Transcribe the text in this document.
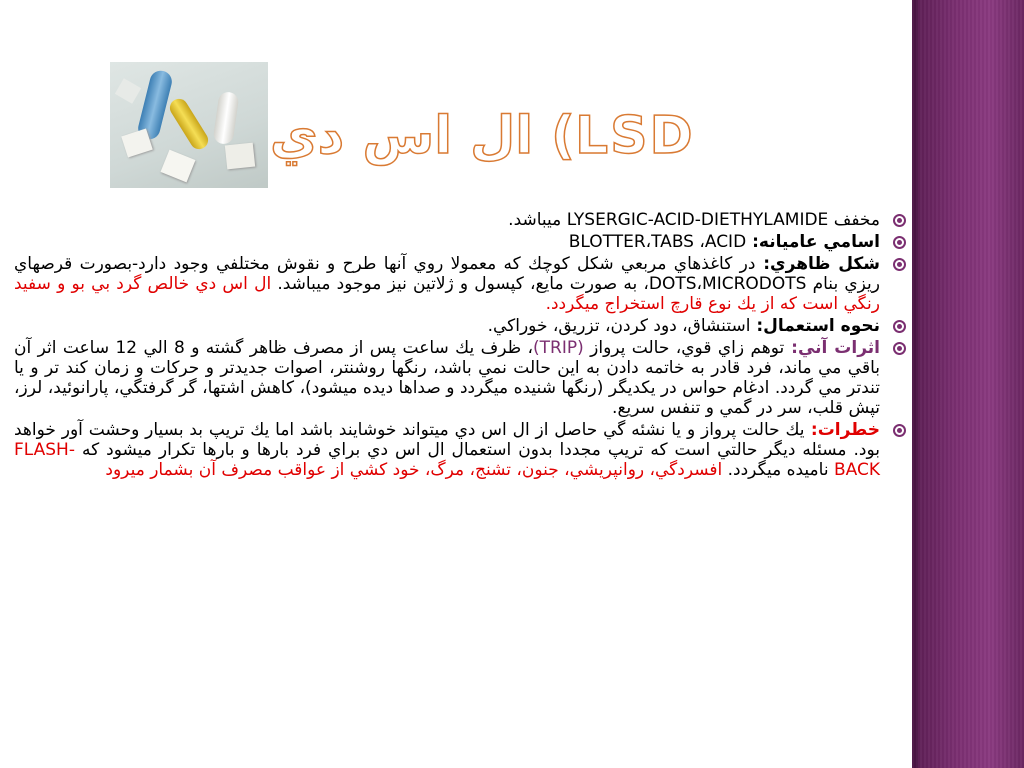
ال اس دي (LSD
مخفف LYSERGIC-ACID-DIETHYLAMIDE ميباشد.
اسامي عاميانه: BLOTTER،TABS ،ACID
شكل ظاهري: در كاغذهاي مربعي شكل كوچك كه معمولا روي آنها طرح و نقوش مختلفي وجود دارد-بصورت قرصهاي ريزي بنام DOTS،MICRODOTS، به صورت مايع، كپسول و ژلاتين نيز موجود ميباشد. ال اس دي خالص گرد بي بو و سفيد رنگي است كه از يك نوع قارچ استخراج ميگردد.
نحوه استعمال: استنشاق، دود كردن، تزريق، خوراكي.
اثرات آني: توهم زاي قوي، حالت پرواز (TRIP)، ظرف يك ساعت پس از مصرف ظاهر گشته و 8 الي 12 ساعت اثر آن باقي مي ماند، فرد قادر به خاتمه دادن به اين حالت نمي باشد، رنگها روشنتر، اصوات جديدتر و حركات و زمان كند تر و يا تندتر مي گردد. ادغام حواس در يكديگر (رنگها شنيده ميگردد و صداها ديده ميشود)، كاهش اشتها، گر گرفتگي، پارانوئيد، لرز، تپش قلب، سر در گمي و تنفس سريع.
خطرات: يك حالت پرواز و يا نشئه گي حاصل از ال اس دي ميتواند خوشايند باشد اما يك تريپ بد بسيار وحشت آور خواهد بود. مسئله ديگر حالتي است كه تريپ مجددا بدون استعمال ال اس دي براي فرد بارها و بارها تكرار ميشود كه FLASH-BACK ناميده ميگردد. افسردگي، روانپريشي، جنون، تشنج، مرگ، خود كشي از عواقب مصرف آن بشمار ميرود
